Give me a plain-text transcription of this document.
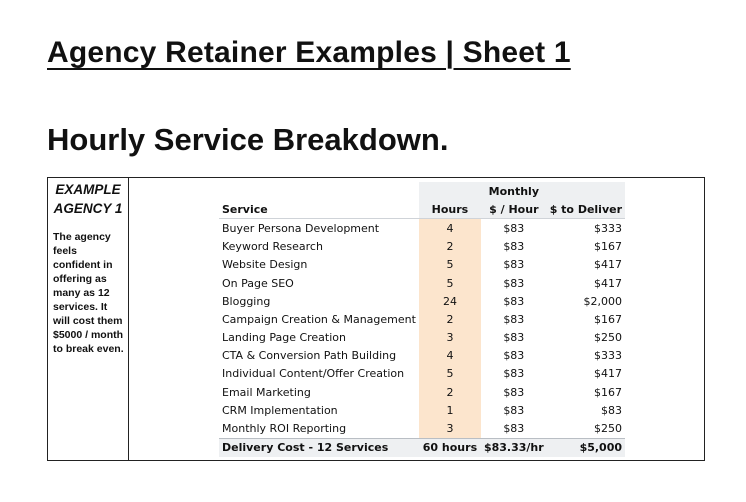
Agency Retainer Examples | Sheet 1
Hourly Service Breakdown.
EXAMPLE AGENCY 1
The agency feels confident in offering as many as 12 services. It will cost them $5000 / month to break even.
		Monthly	
Service	Hours	$ / Hour	$ to Deliver
Buyer Persona Development	4	$83	$333
Keyword Research	2	$83	$167
Website Design	5	$83	$417
On Page SEO	5	$83	$417
Blogging	24	$83	$2,000
Campaign Creation & Management	2	$83	$167
Landing Page Creation	3	$83	$250
CTA & Conversion Path Building	4	$83	$333
Individual Content/Offer Creation	5	$83	$417
Email Marketing	2	$83	$167
CRM Implementation	1	$83	$83
Monthly ROI Reporting	3	$83	$250
Delivery Cost - 12 Services	60 hours	$83.33/hr	$5,000
